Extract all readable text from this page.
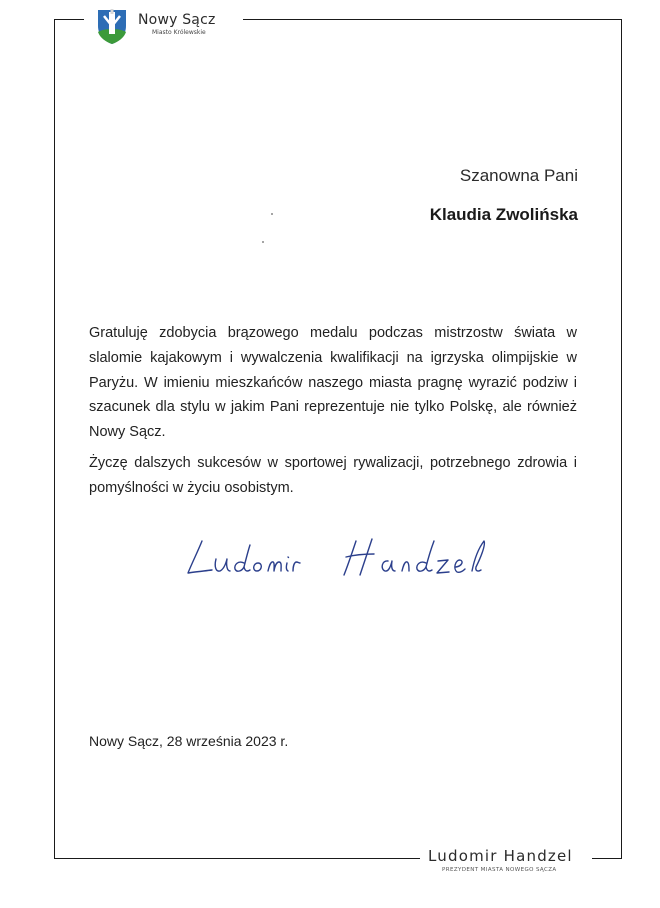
Nowy Sącz
Miasto Królewskie
Szanowna Pani
Klaudia Zwolińska
Gratuluję zdobycia brązowego medalu podczas mistrzostw świata w slalomie kajakowym i wywalczenia kwalifikacji na igrzyska olimpijskie w Paryżu. W imieniu mieszkańców naszego miasta pragnę wyrazić podziw i szacunek dla stylu w jakim Pani reprezentuje nie tylko Polskę, ale również Nowy Sącz.
Życzę dalszych sukcesów w sportowej rywalizacji, potrzebnego zdrowia i pomyślności w życiu osobistym.
Nowy Sącz, 28 września 2023 r.
Ludomir Handzel
PREZYDENT MIASTA NOWEGO SĄCZA
